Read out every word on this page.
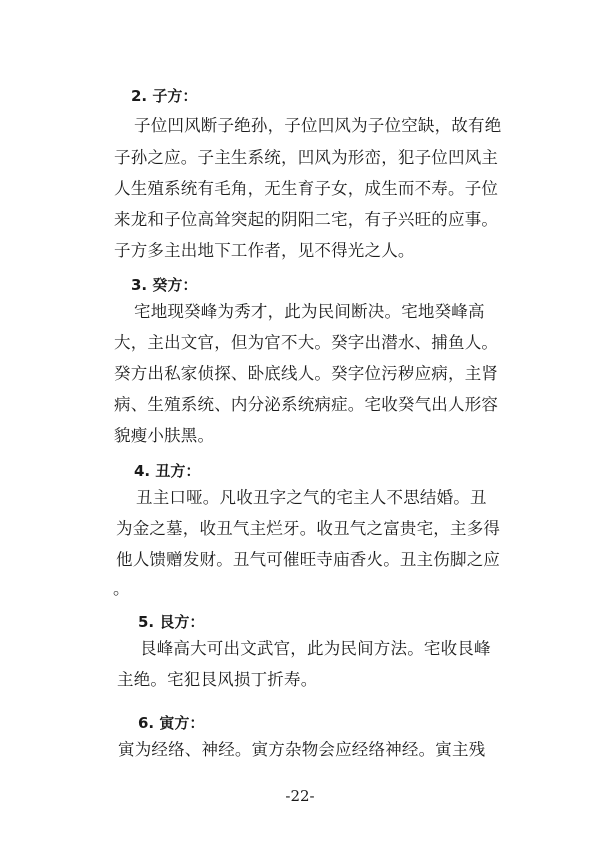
2. 子方：
子位凹风断子绝孙，子位凹风为子位空缺，故有绝
子孙之应。子主生系统，凹风为形峦，犯子位凹风主
人生殖系统有毛角，无生育子女，成生而不寿。子位
来龙和子位高耸突起的阴阳二宅，有子兴旺的应事。
子方多主出地下工作者，见不得光之人。
3. 癸方：
宅地现癸峰为秀才，此为民间断决。宅地癸峰高
大，主出文官，但为官不大。癸字出潜水、捕鱼人。
癸方出私家侦探、卧底线人。癸字位污秽应病，主肾
病、生殖系统、内分泌系统病症。宅收癸气出人形容
貌瘦小肤黑。
4. 丑方：
丑主口哑。凡收丑字之气的宅主人不思结婚。丑
为金之墓，收丑气主烂牙。收丑气之富贵宅，主多得
他人馈赠发财。丑气可催旺寺庙香火。丑主伤脚之应
。
5. 艮方：
艮峰高大可出文武官，此为民间方法。宅收艮峰
主绝。宅犯艮风损丁折寿。
6. 寅方：
寅为经络、神经。寅方杂物会应经络神经。寅主残
-22-
